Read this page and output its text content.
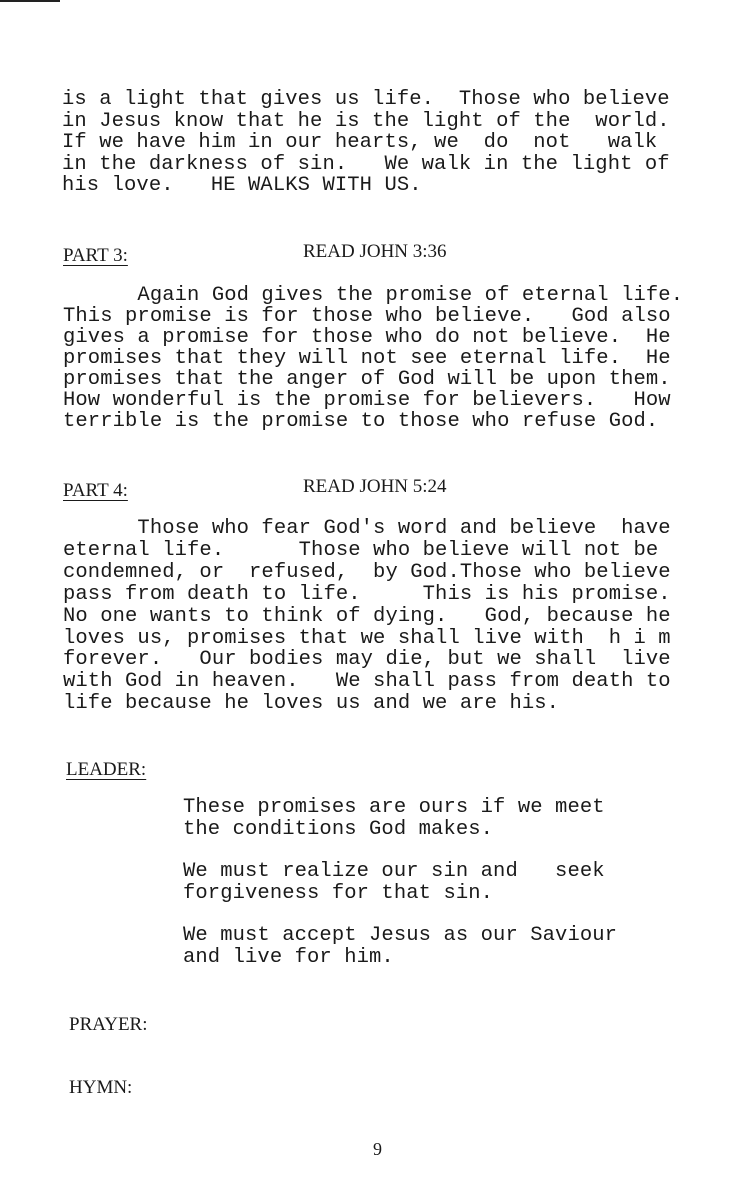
is a light that gives us life.  Those who believe
in Jesus know that he is the light of the  world.
If we have him in our hearts, we  do  not   walk
in the darkness of sin.   We walk in the light of
his love.   HE WALKS WITH US.
Again God gives the promise of eternal life.
This promise is for those who believe.   God also
gives a promise for those who do not believe.  He
promises that they will not see eternal life.  He
promises that the anger of God will be upon them.
How wonderful is the promise for believers.   How
terrible is the promise to those who refuse God.
Those who fear God's word and believe  have
eternal life.      Those who believe will not be
condemned, or  refused,  by God.Those who believe
pass from death to life.     This is his promise.
No one wants to think of dying.   God, because he
loves us, promises that we shall live with  h i m
forever.   Our bodies may die, but we shall  live
with God in heaven.   We shall pass from death to
life because he loves us and we are his.
These promises are ours if we meet
the conditions God makes.
We must realize our sin and   seek
forgiveness for that sin.
We must accept Jesus as our Saviour
and live for him.
PART 3:	READ JOHN 3:36
PART 4:	READ JOHN 5:24
LEADER:
PRAYER:
HYMN:
9
